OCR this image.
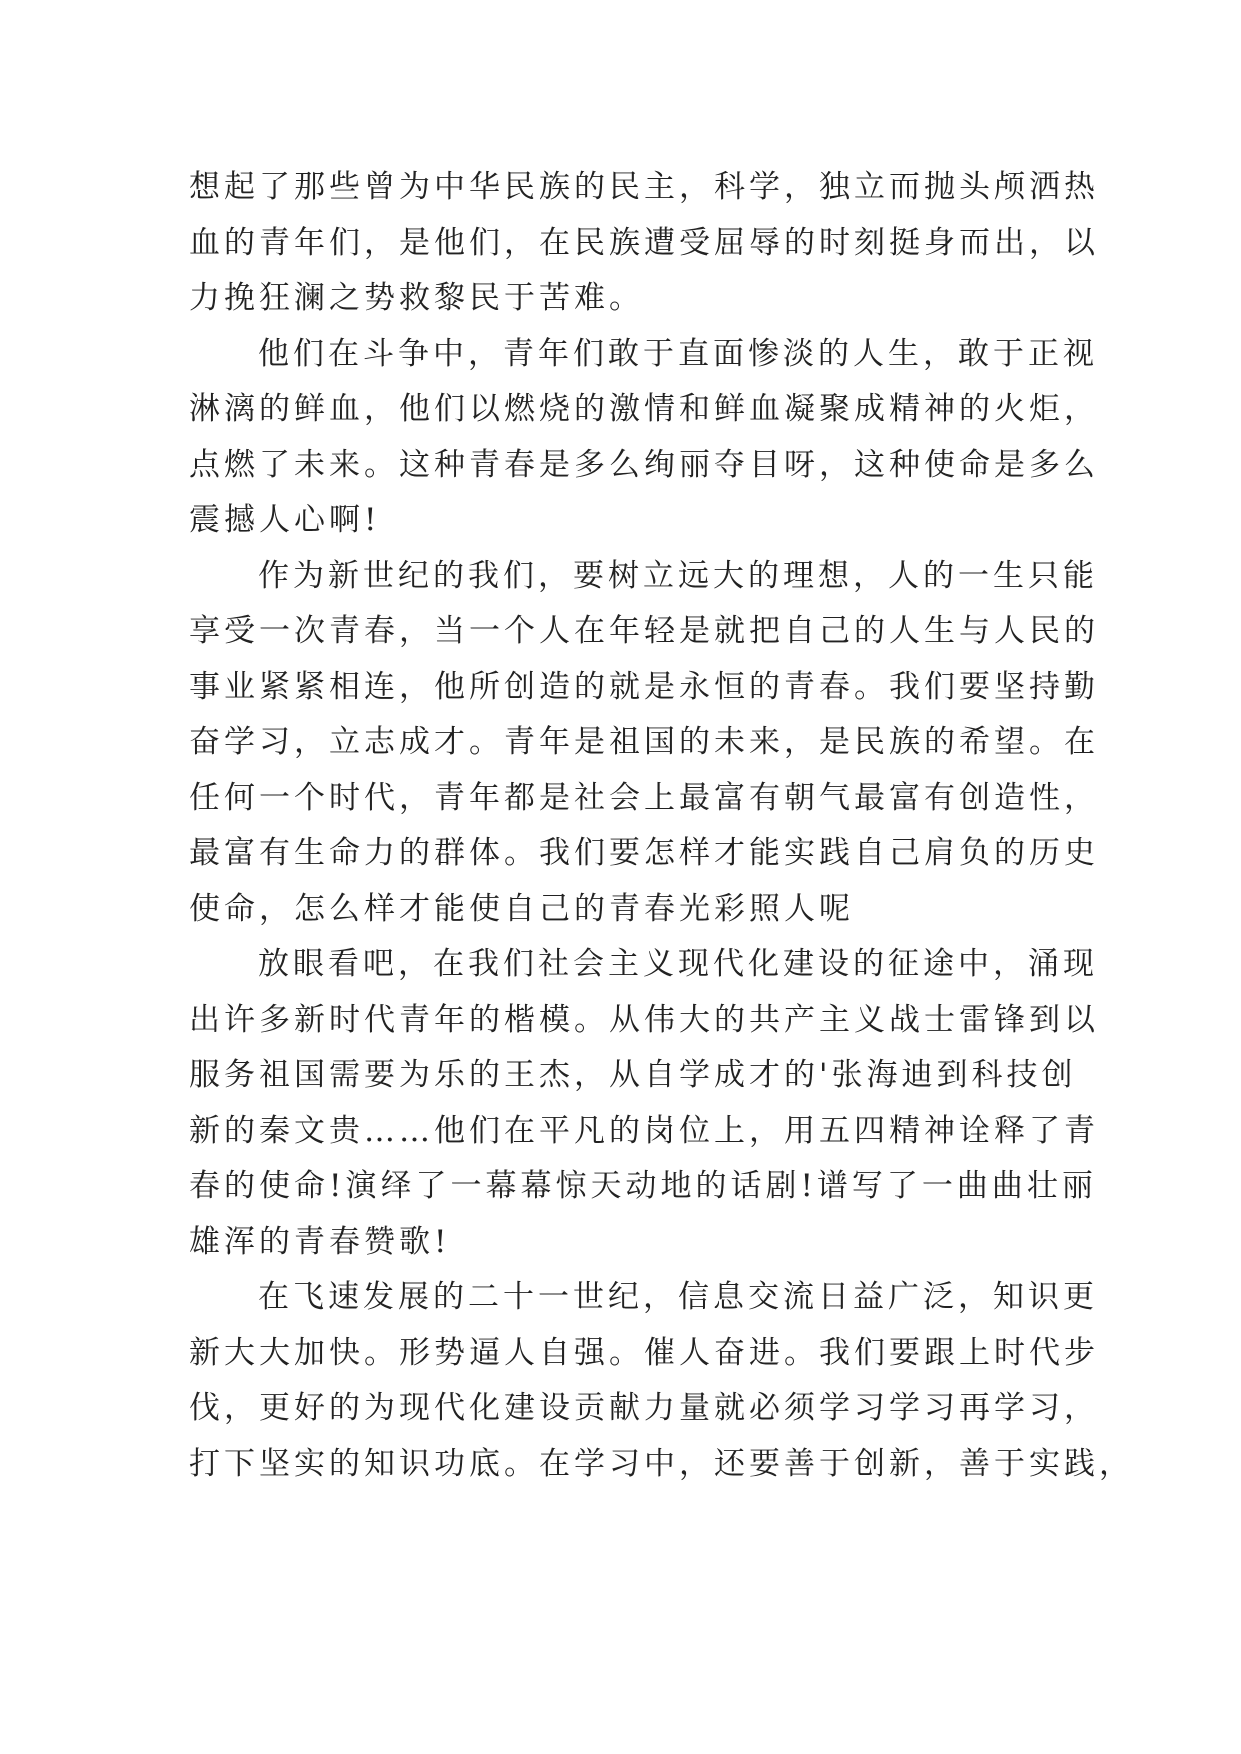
想起了那些曾为中华民族的民主，科学，独立而抛头颅洒热
血的青年们，是他们，在民族遭受屈辱的时刻挺身而出，以
力挽狂澜之势救黎民于苦难。
他们在斗争中，青年们敢于直面惨淡的人生，敢于正视
淋漓的鲜血，他们以燃烧的激情和鲜血凝聚成精神的火炬，
点燃了未来。这种青春是多么绚丽夺目呀，这种使命是多么
震撼人心啊!
作为新世纪的我们，要树立远大的理想，人的一生只能
享受一次青春，当一个人在年轻是就把自己的人生与人民的
事业紧紧相连，他所创造的就是永恒的青春。我们要坚持勤
奋学习，立志成才。青年是祖国的未来，是民族的希望。在
任何一个时代，青年都是社会上最富有朝气最富有创造性，
最富有生命力的群体。我们要怎样才能实践自己肩负的历史
使命，怎么样才能使自己的青春光彩照人呢
放眼看吧，在我们社会主义现代化建设的征途中，涌现
出许多新时代青年的楷模。从伟大的共产主义战士雷锋到以
服务祖国需要为乐的王杰，从自学成才的'张海迪到科技创
新的秦文贵……他们在平凡的岗位上，用五四精神诠释了青
春的使命!演绎了一幕幕惊天动地的话剧!谱写了一曲曲壮丽
雄浑的青春赞歌!
在飞速发展的二十一世纪，信息交流日益广泛，知识更
新大大加快。形势逼人自强。催人奋进。我们要跟上时代步
伐，更好的为现代化建设贡献力量就必须学习学习再学习，
打下坚实的知识功底。在学习中，还要善于创新，善于实践，
